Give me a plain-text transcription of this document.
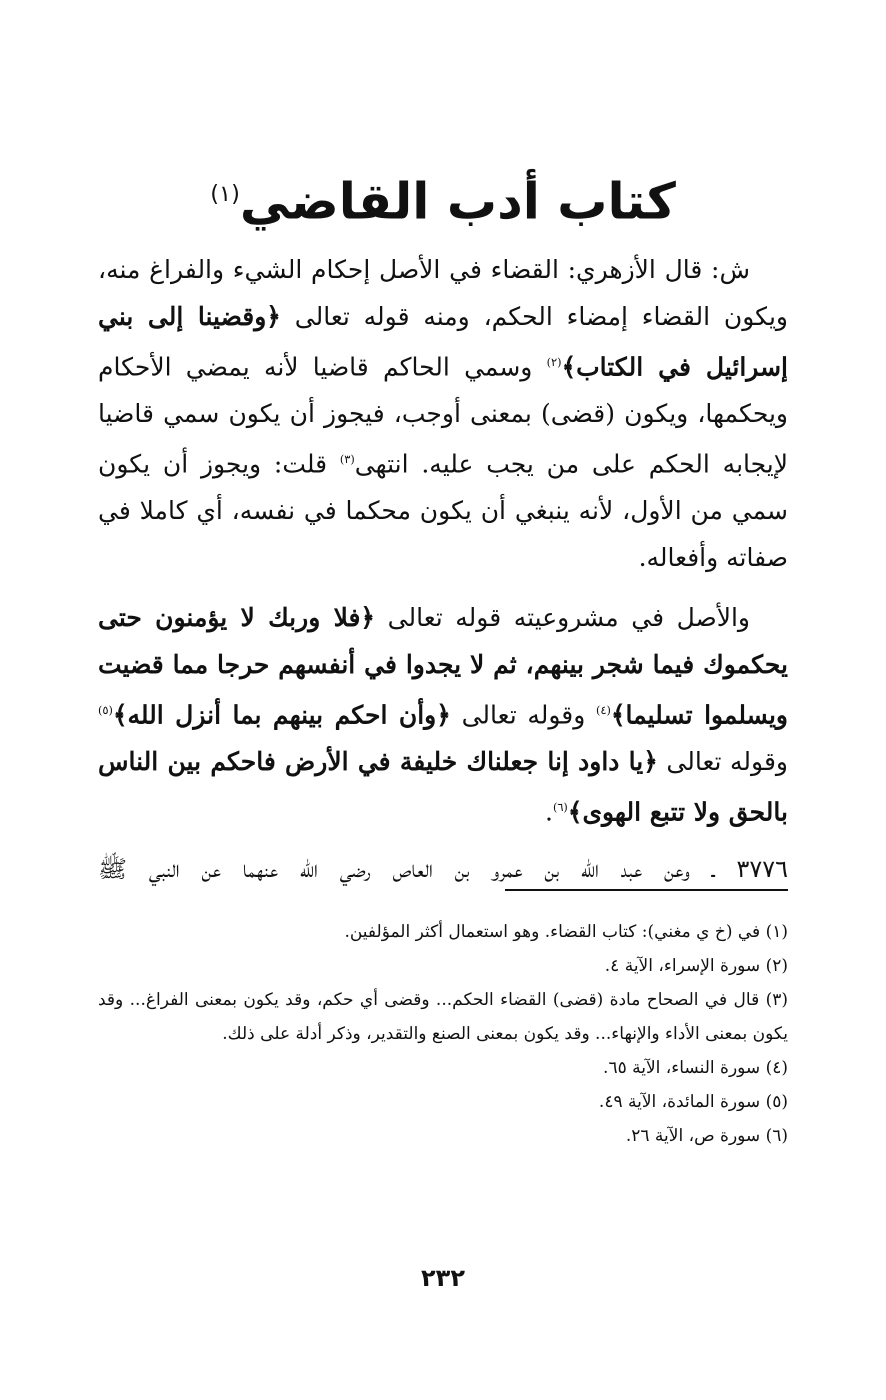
كتاب أدب القاضي$^{(١)}$

ش: قال الأزهري: القضاء في الأصل إحكام الشيء والفراغ منه، ويكون القضاء إمضاء الحكم، ومنه قوله تعالى ﴿وقضينا إلى بني إسرائيل في الكتاب﴾$^{(٢)}$ وسمي الحاكم قاضيا لأنه يمضي الأحكام ويحكمها، ويكون (قضى) بمعنى أوجب، فيجوز أن يكون سمي قاضيا لإيجابه الحكم على من يجب عليه. انتهى$^{(٣)}$ قلت: ويجوز أن يكون سمي من الأول، لأنه ينبغي أن يكون محكما في نفسه، أي كاملا في صفاته وأفعاله.

والأصل في مشروعيته قوله تعالى ﴿فلا وربك لا يؤمنون حتى يحكموك فيما شجر بينهم، ثم لا يجدوا في أنفسهم حرجا مما قضيت ويسلموا تسليما﴾$^{(٤)}$ وقوله تعالى ﴿وأن احكم بينهم بما أنزل الله﴾$^{(٥)}$ وقوله تعالى ﴿يا داود إنا جعلناك خليفة في الأرض فاحكم بين الناس بالحق ولا تتبع الهوى﴾$^{(٦)}$.

٣٧٧٦ ـ وعن عبد الله بن عمرو بن العاص رضي الله عنهما عن النبي ﷺ

(١) في (خ ي مغني): كتاب القضاء. وهو استعمال أكثر المؤلفين.
(٢) سورة الإسراء، الآية ٤.
(٣) قال في الصحاح مادة (قضى) القضاء الحكم... وقضى أي حكم، وقد يكون بمعنى الفراغ... وقد يكون بمعنى الأداء والإنهاء... وقد يكون بمعنى الصنع والتقدير، وذكر أدلة على ذلك.
(٤) سورة النساء، الآية ٦٥.
(٥) سورة المائدة، الآية ٤٩.
(٦) سورة ص، الآية ٢٦.
٢٣٢
